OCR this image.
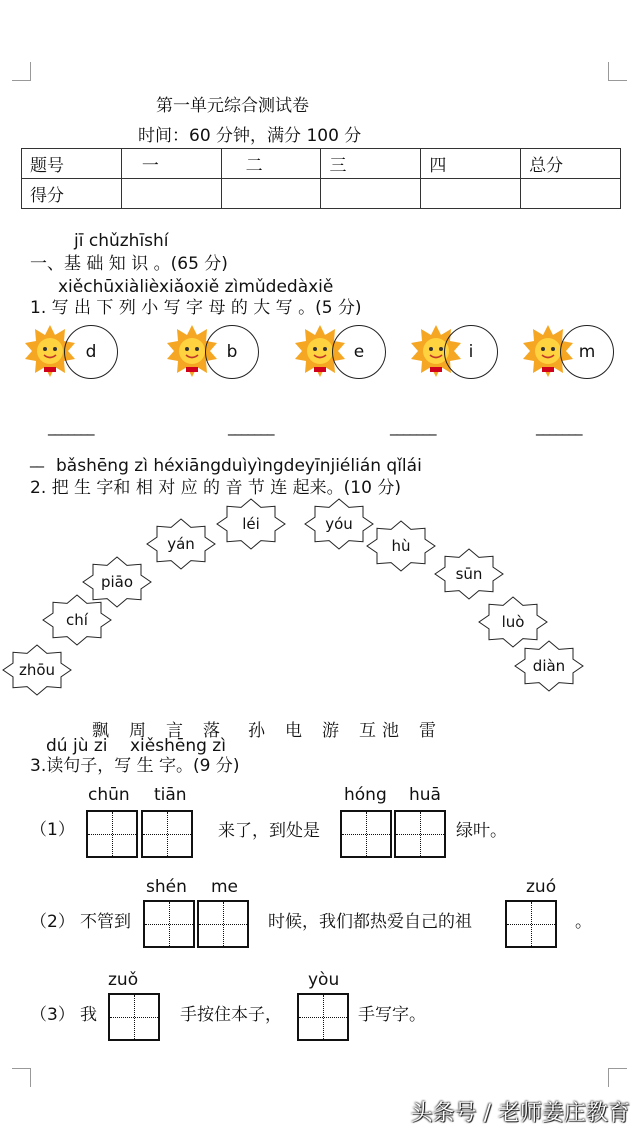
第一单元综合测试卷
时间：60 分钟，满分 100 分
题号	一	二	三	四	总分
得分					
jī chǔzhīshí
一、基 础 知 识 。(65 分)
xiěchūxiàlièxiǎoxiě zìmǔdedàxiě
1. 写 出 下 列 小 写 字 母 的 大 写 。(5 分)
d	b	e	i	m
_______	_______	_______	_______
__ bǎshēng zì héxiāngduìyìngdeyīnjiélián qǐlái
2. 把 生 字和 相 对 应 的 音 节 连 起来。(10 分)
zhōu
chí
piāo
yán
léi	yóu
hù
sūn
luò
diàn
飘 周 言 落 孙 电 游 互 池 雷
dú jù zi xiěshēng zì
3.读句子，写 生 字。(9 分)
（1）
chūn tiān
来了，到处是
hóng huā
绿叶。
（2） 不管到
shén me
时候，我们都热爱自己的祖
zuó
。
（3） 我
zuǒ
手按住本子，
yòu
手写字。
头条号 / 老师姜庄教育
